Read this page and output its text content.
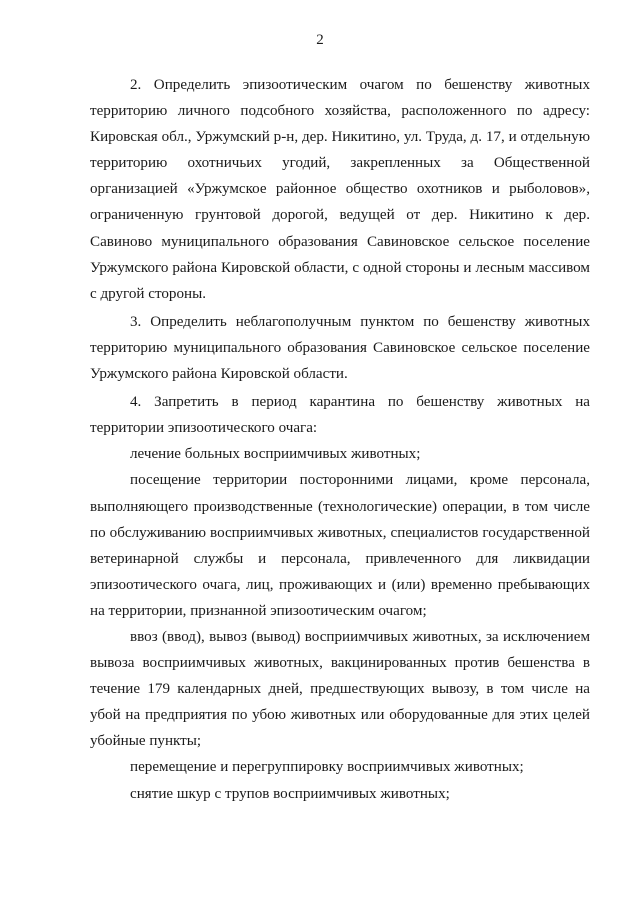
2

2. Определить эпизоотическим очагом по бешенству животных территорию личного подсобного хозяйства, расположенного по адресу: Кировская обл., Уржумский р-н, дер. Никитино, ул. Труда, д. 17, и отдельную территорию охотничьих угодий, закрепленных за Общественной организацией «Уржумское районное общество охотников и рыболовов», ограниченную грунтовой дорогой, ведущей от дер. Никитино к дер. Савиново муниципального образования Савиновское сельское поселение Уржумского района Кировской области, с одной стороны и лесным массивом с другой стороны.

3. Определить неблагополучным пунктом по бешенству животных территорию муниципального образования Савиновское сельское поселение Уржумского района Кировской области.

4. Запретить в период карантина по бешенству животных на территории эпизоотического очага:

лечение больных восприимчивых животных;

посещение территории посторонними лицами, кроме персонала, выполняющего производственные (технологические) операции, в том числе по обслуживанию восприимчивых животных, специалистов государственной ветеринарной службы и персонала, привлеченного для ликвидации эпизоотического очага, лиц, проживающих и (или) временно пребывающих на территории, признанной эпизоотическим очагом;

ввоз (ввод), вывоз (вывод) восприимчивых животных, за исключением вывоза восприимчивых животных, вакцинированных против бешенства в течение 179 календарных дней, предшествующих вывозу, в том числе на убой на предприятия по убою животных или оборудованные для этих целей убойные пункты;

перемещение и перегруппировку восприимчивых животных;

снятие шкур с трупов восприимчивых животных;
